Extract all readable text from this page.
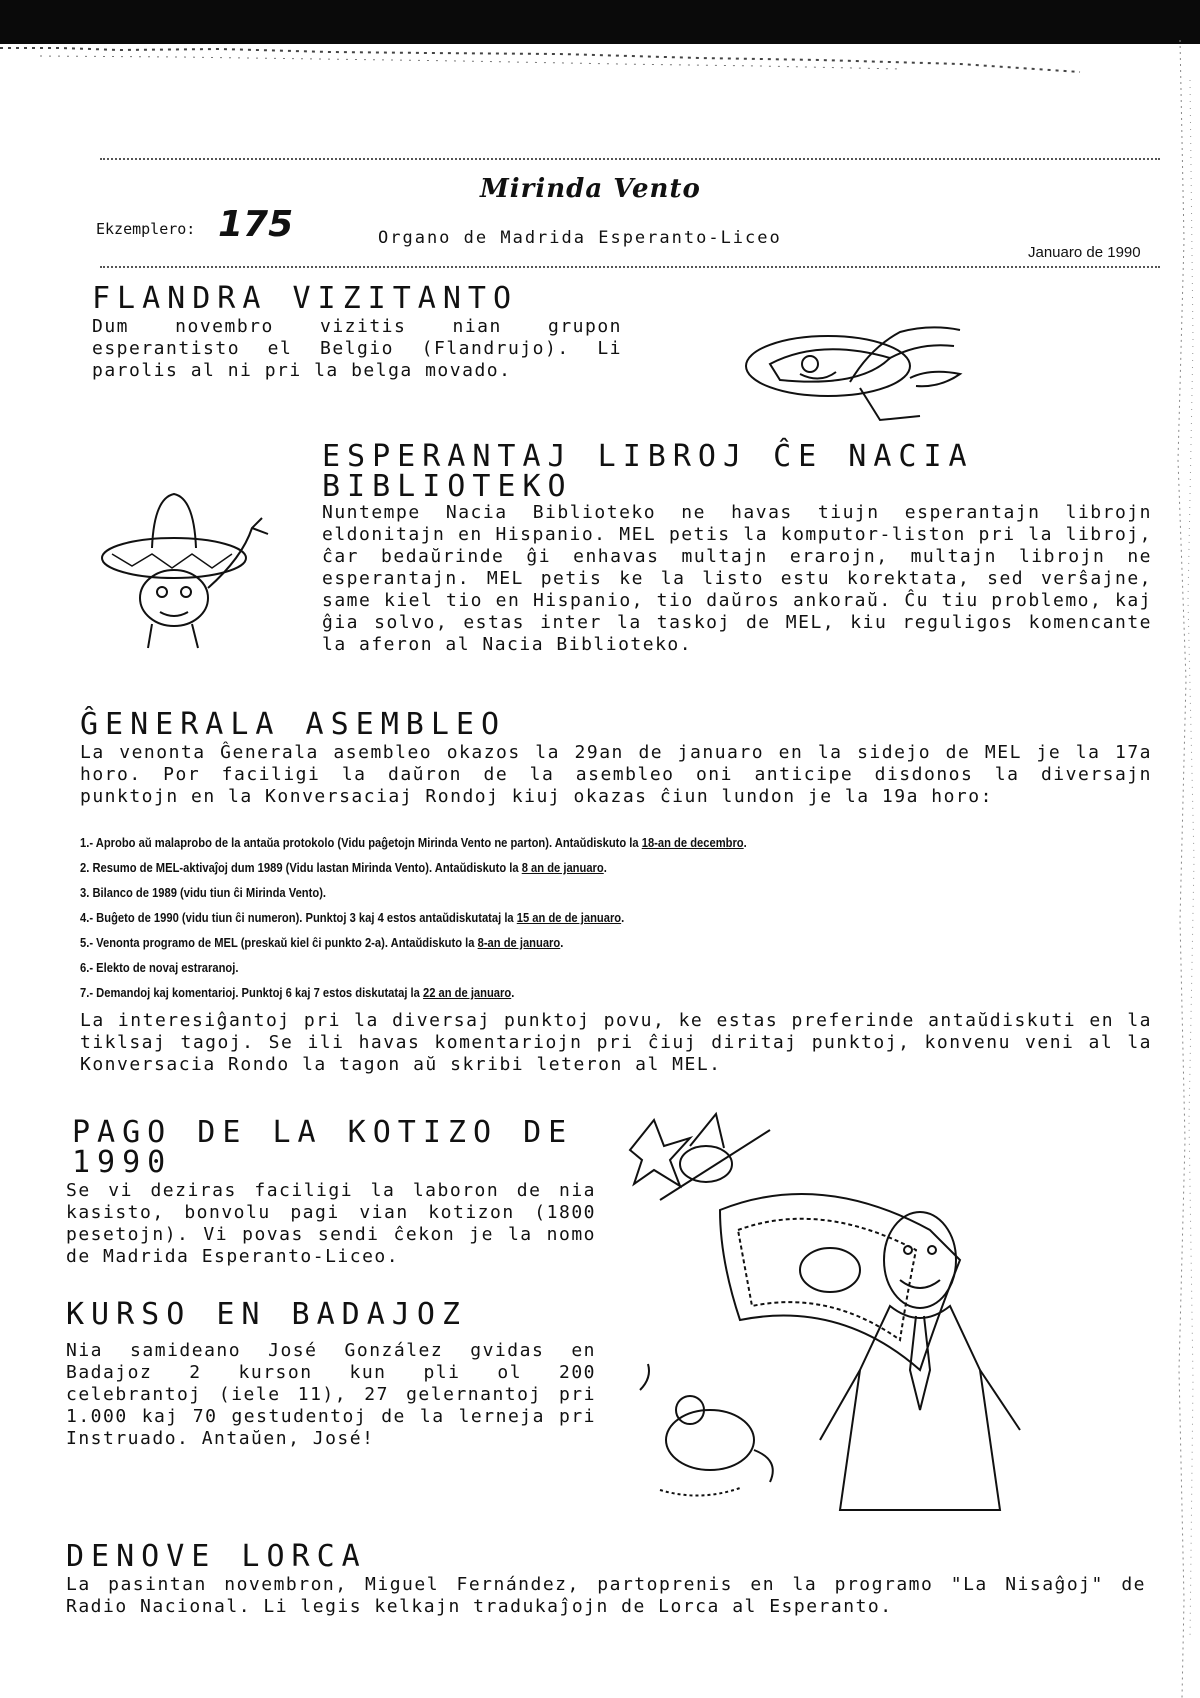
Mirinda Vento
Ekzemplero: 175	Organo de Madrida Esperanto-Liceo
Januaro de 1990
FLANDRA VIZITANTO
Dum novembro vizitis nian grupon esperantisto el Belgio (Flandrujo). Li parolis al ni pri la belga movado.
ESPERANTAJ LIBROJ ĈE NACIA BIBLIOTEKO
Nuntempe Nacia Biblioteko ne havas tiujn esperantajn librojn eldonitajn en Hispanio. MEL petis la komputor-liston pri la libroj, ĉar bedaŭrinde ĝi enhavas multajn erarojn, multajn librojn ne esperantajn. MEL petis ke la listo estu korektata, sed verŝajne, same kiel tio en Hispanio, tio daŭros ankoraŭ. Ĉu tiu problemo, kaj ĝia solvo, estas inter la taskoj de MEL, kiu reguligos komencante la aferon al Nacia Biblioteko.
ĜENERALA ASEMBLEO
La venonta Ĝenerala asembleo okazos la 29an de januaro en la sidejo de MEL je la 17a horo. Por faciligi la daŭron de la asembleo oni anticipe disdonos la diversajn punktojn en la Konversaciaj Rondoj kiuj okazas ĉiun lundon je la 19a horo:
1.- Aprobo aŭ malaprobo de la antaŭa protokolo (Vidu paĝetojn Mirinda Vento ne parton). Antaŭdiskuto la 18-an de decembro.
2. Resumo de MEL-aktivaĵoj dum 1989 (Vidu lastan Mirinda Vento). Antaŭdiskuto la 8 an de januaro.
3. Bilanco de 1989 (vidu tiun ĉi Mirinda Vento).
4.- Buĝeto de 1990 (vidu tiun ĉi numeron). Punktoj 3 kaj 4 estos antaŭdiskutataj la 15 an de de januaro.
5.- Venonta programo de MEL (preskaŭ kiel ĉi punkto 2-a). Antaŭdiskuto la 8-an de januaro.
6.- Elekto de novaj estraranoj.
7.- Demandoj kaj komentarioj. Punktoj 6 kaj 7 estos diskutataj la 22 an de januaro.
La interesiĝantoj pri la diversaj punktoj povu, ke estas preferinde antaŭdiskuti en la tiklsaj tagoj. Se ili havas komentariojn pri ĉiuj diritaj punktoj, konvenu veni al la Konversacia Rondo la tagon aŭ skribi leteron al MEL.
PAGO DE LA KOTIZO DE 1990
Se vi deziras faciligi la laboron de nia kasisto, bonvolu pagi vian kotizon (1800 pesetojn). Vi povas sendi ĉekon je la nomo de Madrida Esperanto-Liceo.
KURSO EN BADAJOZ
Nia samideano José González gvidas en Badajoz 2 kurson kun pli ol 200 celebrantoj (iele 11), 27 gelernantoj pri 1.000 kaj 70 gestudentoj de la lerneja pri Instruado. Antaŭen, José!
DENOVE LORCA
La pasintan novembron, Miguel Fernández, partoprenis en la programo "La Nisaĝoj" de Radio Nacional. Li legis kelkajn tradukaĵojn de Lorca al Esperanto.
